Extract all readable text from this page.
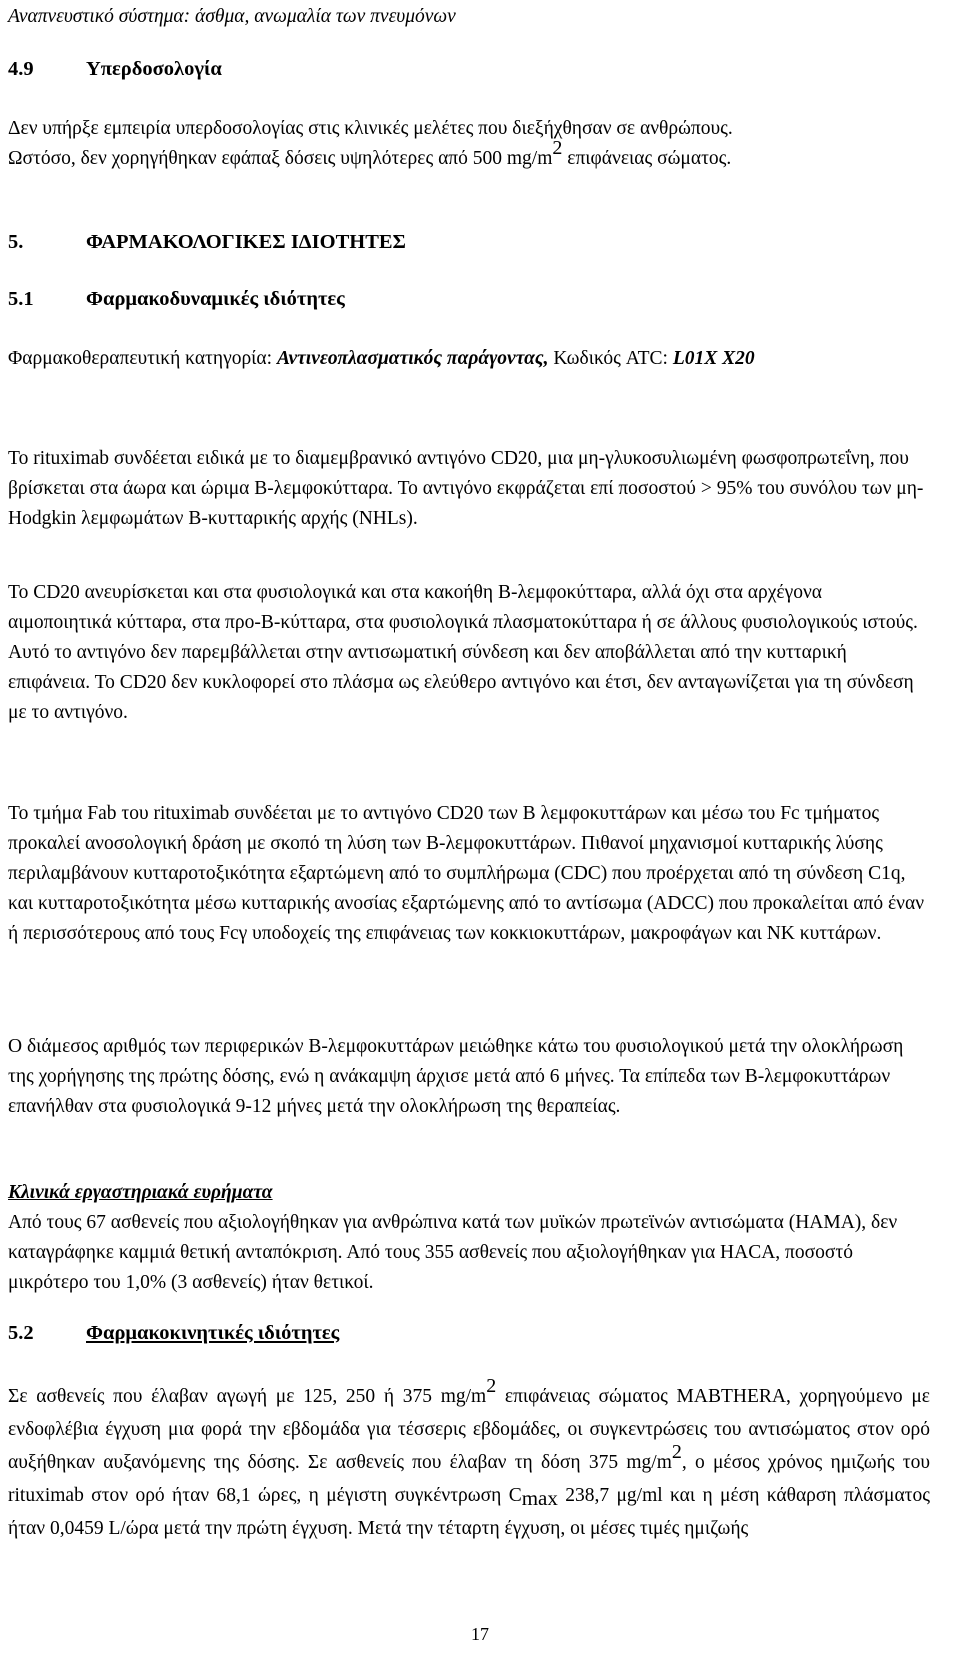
Αναπνευστικό σύστημα: άσθμα, ανωμαλία των πνευμόνων

4.9	Υπερδοσολογία

Δεν υπήρξε εμπειρία υπερδοσολογίας στις κλινικές μελέτες που διεξήχθησαν σε ανθρώπους.

Ωστόσο, δεν χορηγήθηκαν εφάπαξ δόσεις υψηλότερες από 500 $mg/m^2$ επιφάνειας σώματος.

5.	ΦΑΡΜΑΚΟΛΟΓΙΚΕΣ ΙΔΙΟΤΗΤΕΣ
5.1	Φαρμακοδυναμικές ιδιότητες

Φαρμακοθεραπευτική κατηγορία: Αντινεοπλασματικός παράγοντας, Κωδικός ATC: L01X X20

Το rituximab συνδέεται ειδικά με το διαμεμβρανικό αντιγόνο CD20, μια μη-γλυκοσυλιωμένη φωσφοπρωτεΐνη, που βρίσκεται στα άωρα και ώριμα Β-λεμφοκύτταρα. Το αντιγόνο εκφράζεται επί ποσοστού > 95% του συνόλου των μη-Hodgkin λεμφωμάτων Β-κυτταρικής αρχής (NHLs).

Το CD20 ανευρίσκεται και στα φυσιολογικά και στα κακοήθη Β-λεμφοκύτταρα, αλλά όχι στα αρχέγονα αιμοποιητικά κύτταρα, στα προ-Β-κύτταρα, στα φυσιολογικά πλασματοκύτταρα ή σε άλλους φυσιολογικούς ιστούς. Αυτό το αντιγόνο δεν παρεμβάλλεται στην αντισωματική σύνδεση και δεν αποβάλλεται από την κυτταρική επιφάνεια. Το CD20 δεν κυκλοφορεί στο πλάσμα ως ελεύθερο αντιγόνο και έτσι, δεν ανταγωνίζεται για τη σύνδεση με το αντιγόνο.

Το τμήμα Fab του rituximab συνδέεται με το αντιγόνο CD20 των Β λεμφοκυττάρων και μέσω του Fc τμήματος προκαλεί ανοσολογική δράση με σκοπό τη λύση των Β-λεμφοκυττάρων. Πιθανοί μηχανισμοί κυτταρικής λύσης περιλαμβάνουν κυτταροτοξικότητα εξαρτώμενη από το συμπλήρωμα (CDC) που προέρχεται από τη σύνδεση C1q, και κυτταροτοξικότητα μέσω κυτταρικής ανοσίας εξαρτώμενης από το αντίσωμα (ADCC) που προκαλείται από έναν ή περισσότερους από τους Fcγ υποδοχείς της επιφάνειας των κοκκιοκυττάρων, μακροφάγων και NK κυττάρων.

Ο διάμεσος αριθμός των περιφερικών Β-λεμφοκυττάρων μειώθηκε κάτω του φυσιολογικού μετά την ολοκλήρωση της χορήγησης της πρώτης δόσης, ενώ η ανάκαμψη άρχισε μετά από 6 μήνες. Τα επίπεδα των Β-λεμφοκυττάρων επανήλθαν στα φυσιολογικά 9-12 μήνες μετά την ολοκλήρωση της θεραπείας.

Κλινικά εργαστηριακά ευρήματα

Από τους 67 ασθενείς που αξιολογήθηκαν για ανθρώπινα κατά των μυϊκών πρωτεϊνών αντισώματα (HAMA), δεν καταγράφηκε καμμιά θετική ανταπόκριση. Από τους 355 ασθενείς που αξιολογήθηκαν για HACA, ποσοστό μικρότερο του 1,0% (3 ασθενείς) ήταν θετικοί.

5.2	Φαρμακοκινητικές ιδιότητες

Σε ασθενείς που έλαβαν αγωγή με 125, 250 ή 375 $mg/m^2$ επιφάνειας σώματος MABTHERA, χορηγούμενο με ενδοφλέβια έγχυση μια φορά την εβδομάδα για τέσσερις εβδομάδες, οι συγκεντρώσεις του αντισώματος στον ορό αυξήθηκαν αυξανόμενης της δόσης. Σε ασθενείς που έλαβαν τη δόση 375 $mg/m^2$, ο μέσος χρόνος ημιζωής του rituximab στον ορό ήταν 68,1 ώρες, η μέγιστη συγκέντρωση $C_{max}$ 238,7 μg/ml και η μέση κάθαρση πλάσματος ήταν 0,0459 L/ώρα μετά την πρώτη έγχυση. Μετά την τέταρτη έγχυση, οι μέσες τιμές ημιζωής

17
